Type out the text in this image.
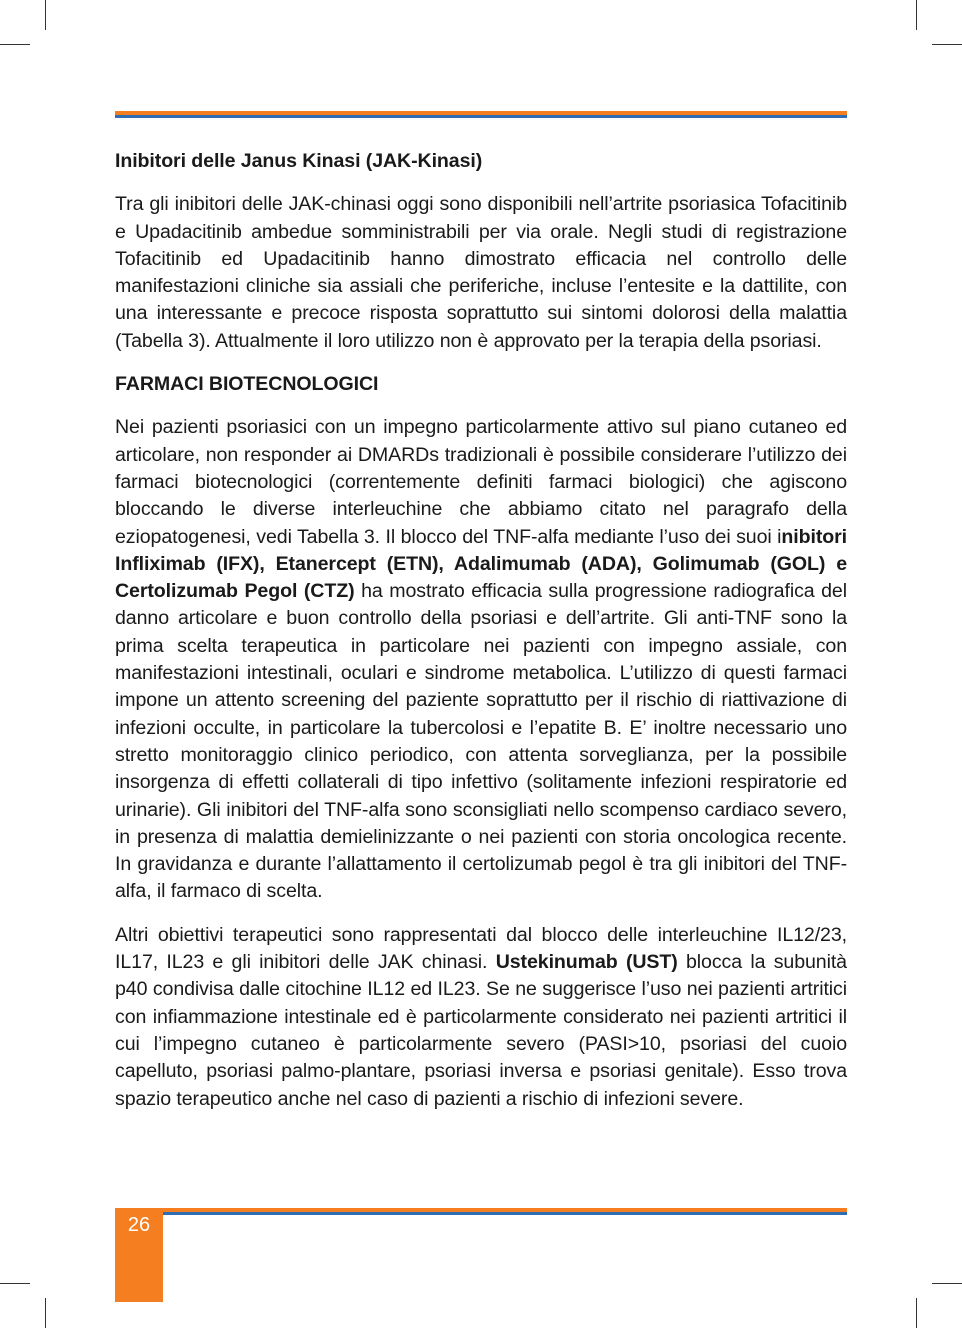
Inibitori delle Janus Kinasi (JAK-Kinasi)

Tra gli inibitori delle JAK-chinasi oggi sono disponibili nell’artrite psoriasica Tofacitinib e Upadacitinib ambedue somministrabili per via orale. Negli studi di registrazione Tofacitinib ed Upadacitinib hanno dimostrato efficacia nel controllo delle manifestazioni cliniche sia assiali che periferiche, incluse l’entesite e la dattilite, con una interessante e precoce risposta soprattutto sui sintomi dolorosi della malattia (Tabella 3). Attualmente il loro utilizzo non è approvato per la terapia della psoriasi.

FARMACI BIOTECNOLOGICI

Nei pazienti psoriasici con un impegno particolarmente attivo sul piano cutaneo ed articolare, non responder ai DMARDs tradizionali è possibile considerare l’utilizzo dei farmaci biotecnologici (correntemente definiti farmaci biologici) che agiscono bloccando le diverse interleuchine che abbiamo citato nel paragrafo della eziopatogenesi, vedi Tabella 3. Il blocco del TNF-alfa mediante l’uso dei suoi inibitori Infliximab (IFX), Etanercept (ETN), Adalimumab (ADA), Golimumab (GOL) e Certolizumab Pegol (CTZ) ha mostrato efficacia sulla progressione radiografica del danno articolare e buon controllo della psoriasi e dell’artrite. Gli anti-TNF sono la prima scelta terapeutica in particolare nei pazienti con impegno assiale, con manifestazioni intestinali, oculari e sindrome metabolica. L’utilizzo di questi farmaci impone un attento screening del paziente soprattutto per il rischio di riattivazione di infezioni occulte, in particolare la tubercolosi e l’epatite B. E’ inoltre necessario uno stretto monitoraggio clinico periodico, con attenta sorveglianza, per la possibile insorgenza di effetti collaterali di tipo infettivo (solitamente infezioni respiratorie ed urinarie). Gli inibitori del TNF-alfa sono sconsigliati nello scompenso cardiaco severo, in presenza di malattia demielinizzante o nei pazienti con storia oncologica recente. In gravidanza e durante l’allattamento il certolizumab pegol è tra gli inibitori del TNF-alfa, il farmaco di scelta.

Altri obiettivi terapeutici sono rappresentati dal blocco delle interleuchine IL12/23, IL17, IL23 e gli inibitori delle JAK chinasi. Ustekinumab (UST) blocca la subunità p40 condivisa dalle citochine IL12 ed IL23. Se ne suggerisce l’uso nei pazienti artritici con infiammazione intestinale ed è particolarmente considerato nei pazienti artritici il cui l’impegno cutaneo è particolarmente severo (PASI>10, psoriasi del cuoio capelluto, psoriasi palmo-plantare, psoriasi inversa e psoriasi genitale). Esso trova spazio terapeutico anche nel caso di pazienti a rischio di infezioni severe.

26
